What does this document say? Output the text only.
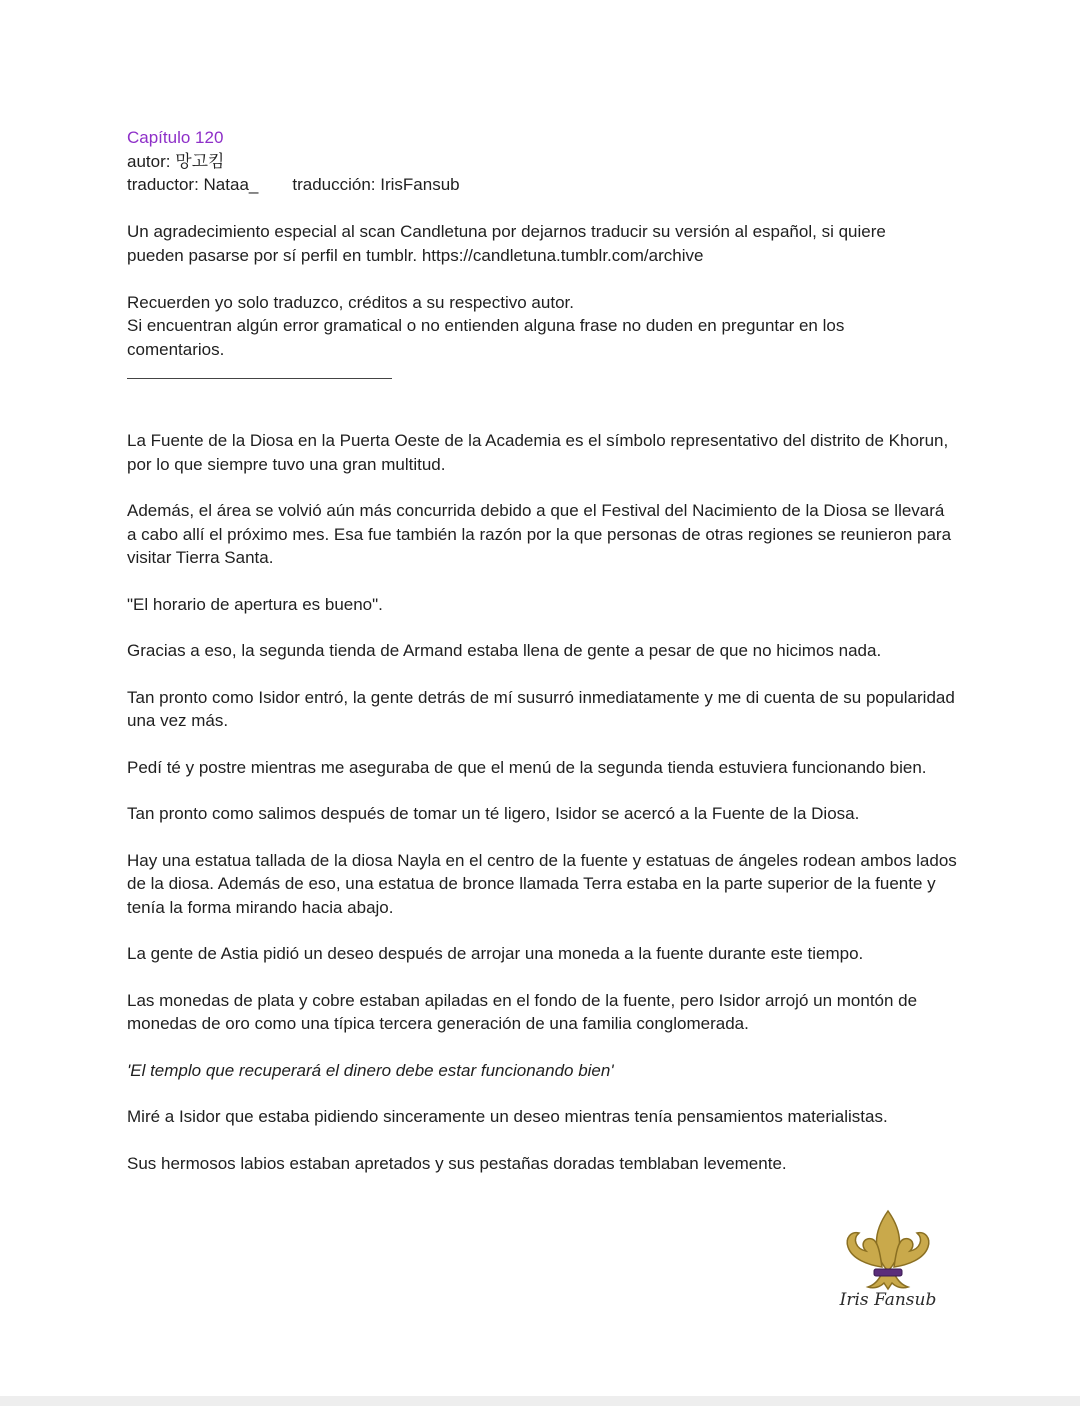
Capítulo 120

autor: 망고킴

traductor: Nataa_ traducción: IrisFansub

Un agradecimiento especial al scan Candletuna por dejarnos traducir su versión al español, si quiere

pueden pasarse por sí perfil en tumblr. https://candletuna.tumblr.com/archive

Recuerden yo solo traduzco, créditos a su respectivo autor.

Si encuentran algún error gramatical o no entienden alguna frase no duden en preguntar en los

comentarios.

La Fuente de la Diosa en la Puerta Oeste de la Academia es el símbolo representativo del distrito de Khorun, por lo que siempre tuvo una gran multitud.

Además, el área se volvió aún más concurrida debido a que el Festival del Nacimiento de la Diosa se llevará a cabo allí el próximo mes. Esa fue también la razón por la que personas de otras regiones se reunieron para visitar Tierra Santa.

"El horario de apertura es bueno".

Gracias a eso, la segunda tienda de Armand estaba llena de gente a pesar de que no hicimos nada.

Tan pronto como Isidor entró, la gente detrás de mí susurró inmediatamente y me di cuenta de su popularidad una vez más.

Pedí té y postre mientras me aseguraba de que el menú de la segunda tienda estuviera funcionando bien.

Tan pronto como salimos después de tomar un té ligero, Isidor se acercó a la Fuente de la Diosa.

Hay una estatua tallada de la diosa Nayla en el centro de la fuente y estatuas de ángeles rodean ambos lados de la diosa. Además de eso, una estatua de bronce llamada Terra estaba en la parte superior de la fuente y tenía la forma mirando hacia abajo.

La gente de Astia pidió un deseo después de arrojar una moneda a la fuente durante este tiempo.

Las monedas de plata y cobre estaban apiladas en el fondo de la fuente, pero Isidor arrojó un montón de monedas de oro como una típica tercera generación de una familia conglomerada.

'El templo que recuperará el dinero debe estar funcionando bien'

Miré a Isidor que estaba pidiendo sinceramente un deseo mientras tenía pensamientos materialistas.

Sus hermosos labios estaban apretados y sus pestañas doradas temblaban levemente.

Iris Fansub
